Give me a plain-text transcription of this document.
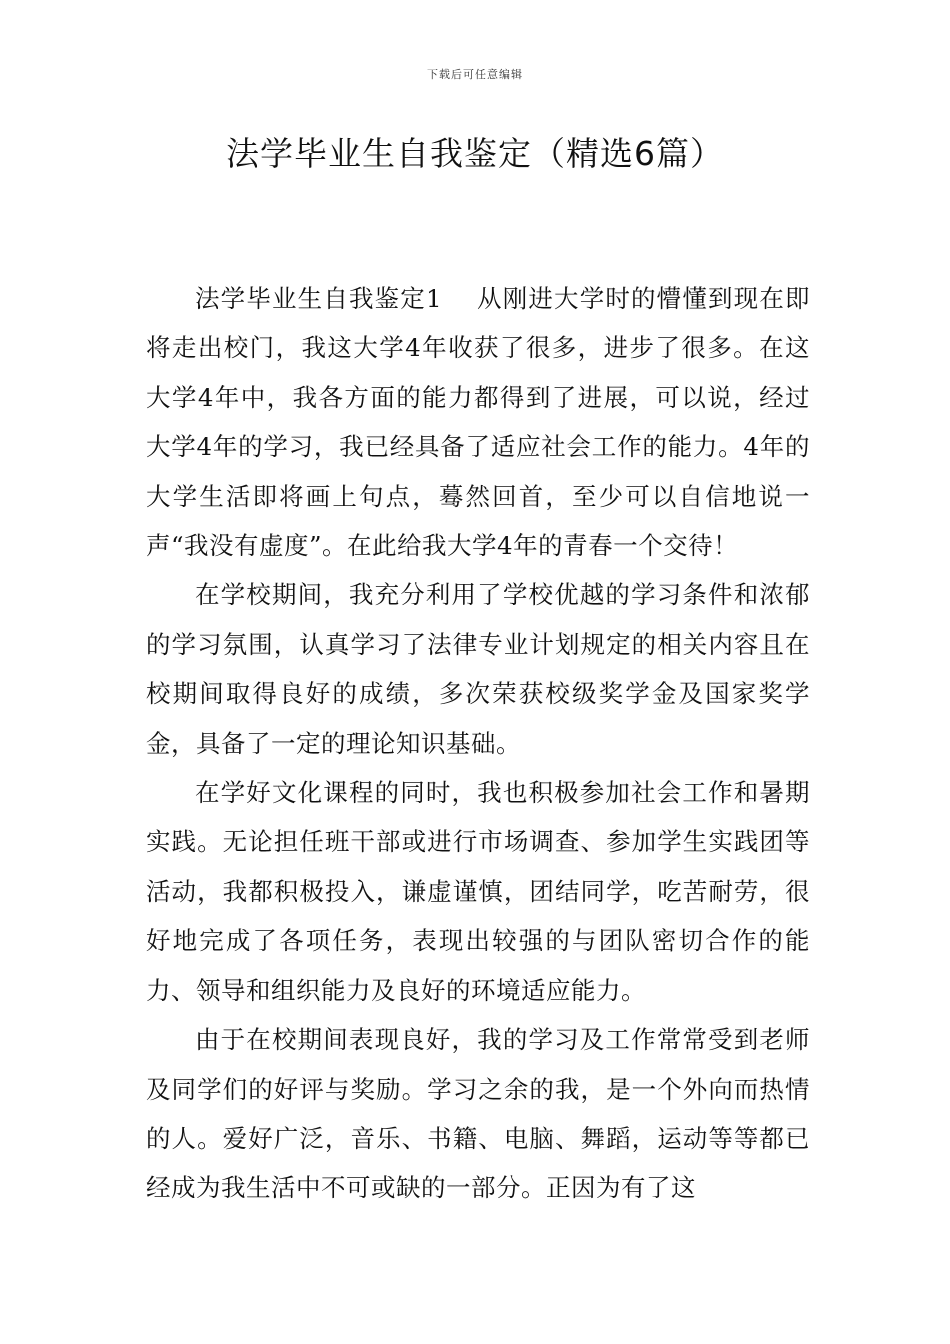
下载后可任意编辑
法学毕业生自我鉴定（精选6篇）

法学毕业生自我鉴定1 从刚进大学时的懵懂到现在即将走出校门，我这大学4年收获了很多，进步了很多。在这大学4年中，我各方面的能力都得到了进展，可以说，经过大学4年的学习，我已经具备了适应社会工作的能力。4年的大学生活即将画上句点，蓦然回首，至少可以自信地说一声“我没有虚度”。在此给我大学4年的青春一个交待！

在学校期间，我充分利用了学校优越的学习条件和浓郁的学习氛围，认真学习了法律专业计划规定的相关内容且在校期间取得良好的成绩，多次荣获校级奖学金及国家奖学金，具备了一定的理论知识基础。

在学好文化课程的同时，我也积极参加社会工作和暑期实践。无论担任班干部或进行市场调查、参加学生实践团等活动，我都积极投入，谦虚谨慎，团结同学，吃苦耐劳，很好地完成了各项任务，表现出较强的与团队密切合作的能力、领导和组织能力及良好的环境适应能力。

由于在校期间表现良好，我的学习及工作常常受到老师及同学们的好评与奖励。学习之余的我，是一个外向而热情的人。爱好广泛，音乐、书籍、电脑、舞蹈，运动等等都已经成为我生活中不可或缺的一部分。正因为有了这
